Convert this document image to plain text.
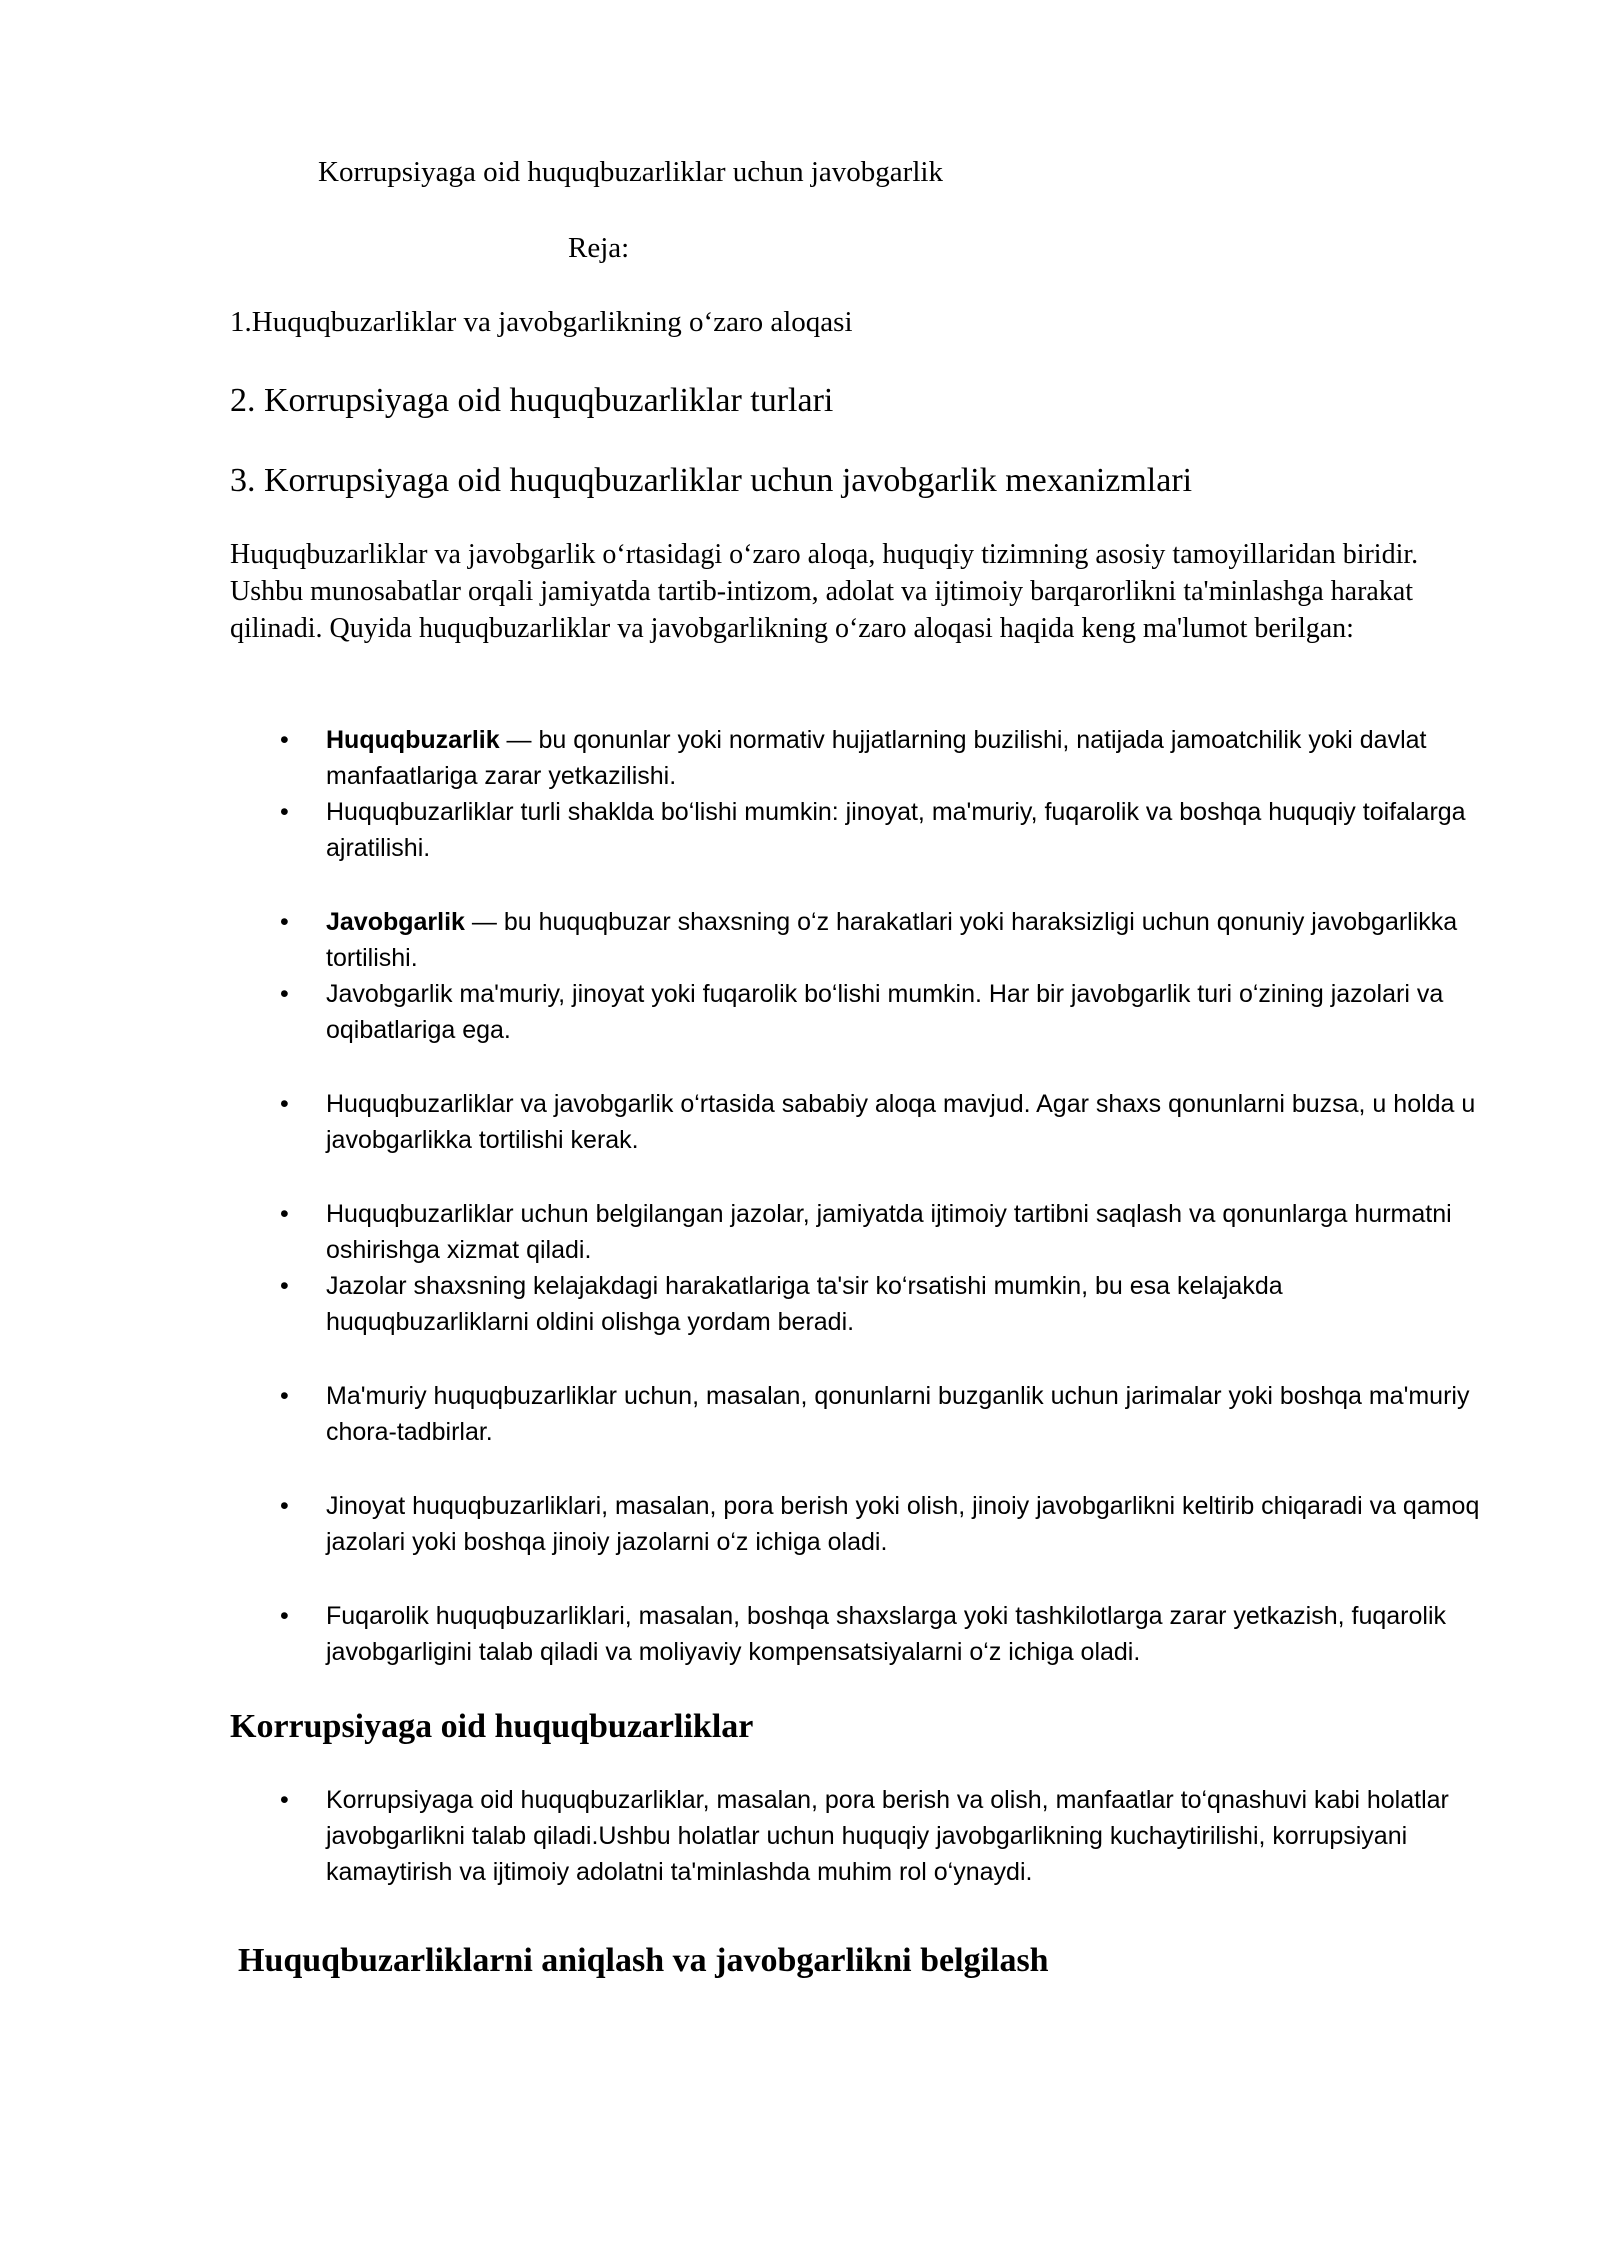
Korrupsiyaga oid huquqbuzarliklar uchun javobgarlik

Reja:

1.Huquqbuzarliklar va javobgarlikning o‘zaro aloqasi

2. Korrupsiyaga oid huquqbuzarliklar turlari

3. Korrupsiyaga oid huquqbuzarliklar uchun javobgarlik mexanizmlari

Huquqbuzarliklar va javobgarlik o‘rtasidagi o‘zaro aloqa, huquqiy tizimning asosiy tamoyillaridan biridir. Ushbu munosabatlar orqali jamiyatda tartib-intizom, adolat va ijtimoiy barqarorlikni ta'minlashga harakat qilinadi. Quyida huquqbuzarliklar va javobgarlikning o‘zaro aloqasi haqida keng ma'lumot berilgan:

• Huquqbuzarlik — bu qonunlar yoki normativ hujjatlarning buzilishi, natijada jamoatchilik yoki davlat manfaatlariga zarar yetkazilishi.
• Huquqbuzarliklar turli shaklda bo‘lishi mumkin: jinoyat, ma'muriy, fuqarolik va boshqa huquqiy toifalarga ajratilishi.
• Javobgarlik — bu huquqbuzar shaxsning o‘z harakatlari yoki haraksizligi uchun qonuniy javobgarlikka tortilishi.
• Javobgarlik ma'muriy, jinoyat yoki fuqarolik bo‘lishi mumkin. Har bir javobgarlik turi o‘zining jazolari va oqibatlariga ega.
• Huquqbuzarliklar va javobgarlik o‘rtasida sababiy aloqa mavjud. Agar shaxs qonunlarni buzsa, u holda u javobgarlikka tortilishi kerak.
• Huquqbuzarliklar uchun belgilangan jazolar, jamiyatda ijtimoiy tartibni saqlash va qonunlarga hurmatni oshirishga xizmat qiladi.
• Jazolar shaxsning kelajakdagi harakatlariga ta'sir ko‘rsatishi mumkin, bu esa kelajakda huquqbuzarliklarni oldini olishga yordam beradi.
• Ma'muriy huquqbuzarliklar uchun, masalan, qonunlarni buzganlik uchun jarimalar yoki boshqa ma'muriy chora-tadbirlar.
• Jinoyat huquqbuzarliklari, masalan, pora berish yoki olish, jinoiy javobgarlikni keltirib chiqaradi va qamoq jazolari yoki boshqa jinoiy jazolarni o‘z ichiga oladi.
• Fuqarolik huquqbuzarliklari, masalan, boshqa shaxslarga yoki tashkilotlarga zarar yetkazish, fuqarolik javobgarligini talab qiladi va moliyaviy kompensatsiyalarni o‘z ichiga oladi.

Korrupsiyaga oid huquqbuzarliklar

• Korrupsiyaga oid huquqbuzarliklar, masalan, pora berish va olish, manfaatlar to‘qnashuvi kabi holatlar javobgarlikni talab qiladi.Ushbu holatlar uchun huquqiy javobgarlikning kuchaytirilishi, korrupsiyani kamaytirish va ijtimoiy adolatni ta'minlashda muhim rol o‘ynaydi.

Huquqbuzarliklarni aniqlash va javobgarlikni belgilash
